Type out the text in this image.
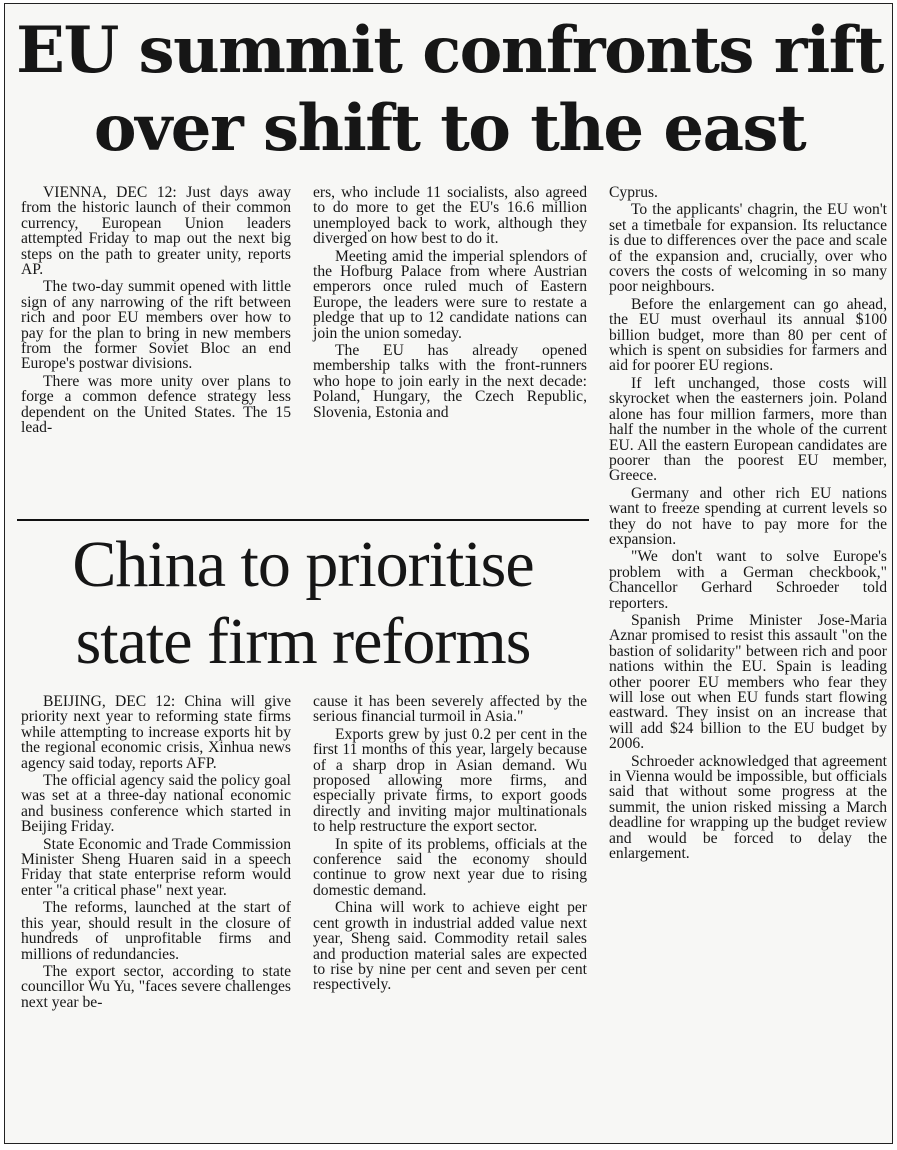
EU summit confronts rift over shift to the east

VIENNA, DEC 12: Just days away from the historic launch of their common currency, European Union leaders attempted Friday to map out the next big steps on the path to greater unity, reports AP.

The two-day summit opened with little sign of any narrowing of the rift between rich and poor EU members over how to pay for the plan to bring in new members from the former Soviet Bloc an end Europe's postwar divisions.

There was more unity over plans to forge a common defence strategy less dependent on the United States. The 15 lead-

ers, who include 11 socialists, also agreed to do more to get the EU's 16.6 million unemployed back to work, although they diverged on how best to do it.

Meeting amid the imperial splendors of the Hofburg Palace from where Austrian emperors once ruled much of Eastern Europe, the leaders were sure to restate a pledge that up to 12 candidate nations can join the union someday.

The EU has already opened membership talks with the front-runners who hope to join early in the next decade: Poland, Hungary, the Czech Republic, Slovenia, Estonia and

Cyprus.

To the applicants' chagrin, the EU won't set a timetbale for expansion. Its reluctance is due to differences over the pace and scale of the expansion and, crucially, over who covers the costs of welcoming in so many poor neighbours.

Before the enlargement can go ahead, the EU must overhaul its annual $100 billion budget, more than 80 per cent of which is spent on subsidies for farmers and aid for poorer EU regions.

If left unchanged, those costs will skyrocket when the easterners join. Poland alone has four million farmers, more than half the number in the whole of the current EU. All the eastern European candidates are poorer than the poorest EU member, Greece.

Germany and other rich EU nations want to freeze spending at current levels so they do not have to pay more for the expansion.

"We don't want to solve Europe's problem with a German checkbook," Chancellor Gerhard Schroeder told reporters.

Spanish Prime Minister Jose-Maria Aznar promised to resist this assault "on the bastion of solidarity" between rich and poor nations within the EU. Spain is leading other poorer EU members who fear they will lose out when EU funds start flowing eastward. They insist on an increase that will add $24 billion to the EU budget by 2006.

Schroeder acknowledged that agreement in Vienna would be impossible, but officials said that without some progress at the summit, the union risked missing a March deadline for wrapping up the budget review and would be forced to delay the enlargement.

China to prioritise state firm reforms

BEIJING, DEC 12: China will give priority next year to reforming state firms while attempting to increase exports hit by the regional economic crisis, Xinhua news agency said today, reports AFP.

The official agency said the policy goal was set at a three-day national economic and business conference which started in Beijing Friday.

State Economic and Trade Commission Minister Sheng Huaren said in a speech Friday that state enterprise reform would enter "a critical phase" next year.

The reforms, launched at the start of this year, should result in the closure of hundreds of unprofitable firms and millions of redundancies.

The export sector, according to state councillor Wu Yu, "faces severe challenges next year be-

cause it has been severely affected by the serious financial turmoil in Asia."

Exports grew by just 0.2 per cent in the first 11 months of this year, largely because of a sharp drop in Asian demand. Wu proposed allowing more firms, and especially private firms, to export goods directly and inviting major multinationals to help restructure the export sector.

In spite of its problems, officials at the conference said the economy should continue to grow next year due to rising domestic demand.

China will work to achieve eight per cent growth in industrial added value next year, Sheng said. Commodity retail sales and production material sales are expected to rise by nine per cent and seven per cent respectively.
